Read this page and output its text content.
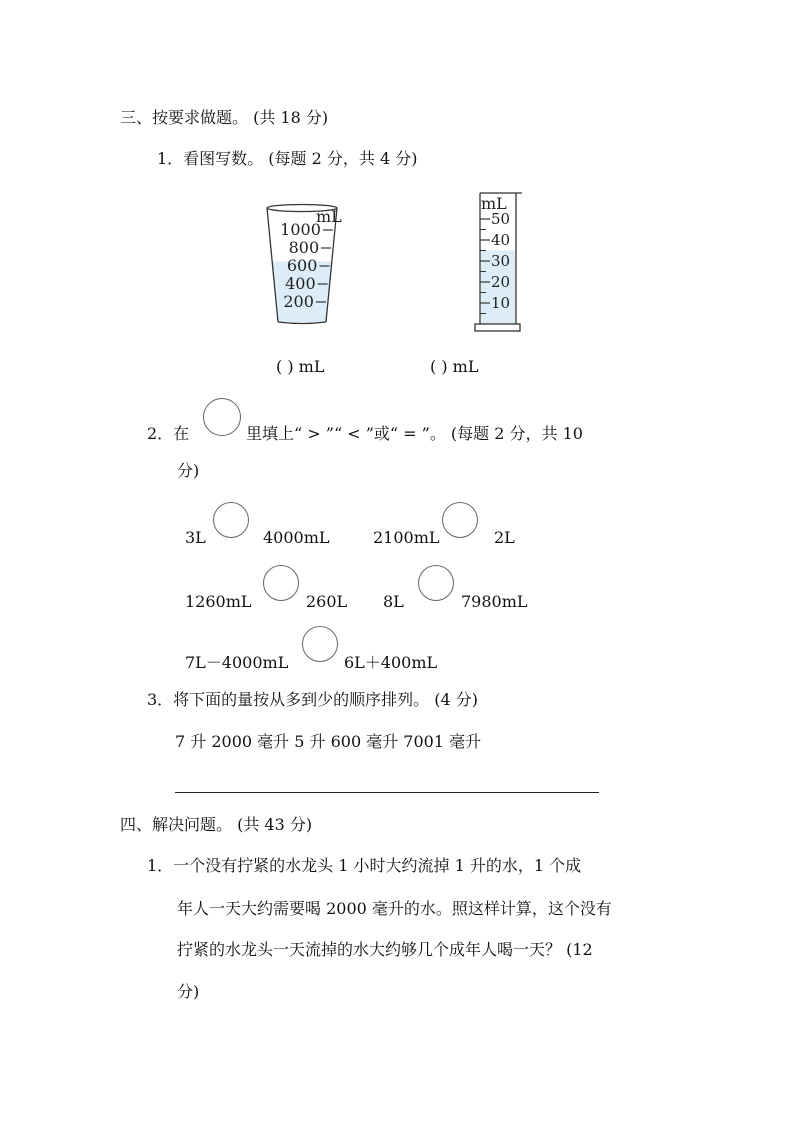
三、按要求做题。 (共 18 分)
1．看图写数。 (每题 2 分，共 4 分)
1000
800
600
400
200
mL	50
40
30
20
10
mL
( ) mL	( ) mL
2．在	里填上“ > ”“ < ”或“ = ”。 (每题 2 分，共 10
分)
3L	4000mL	2100mL	2L
1260mL	260L 8L	7980mL
7L－4000mL	6L＋400mL
3．将下面的量按从多到少的顺序排列。 (4 分)
7 升 2000 毫升 5 升 600 毫升 7001 毫升
四、解决问题。 (共 43 分)
1．一个没有拧紧的水龙头 1 小时大约流掉 1 升的水，1 个成
年人一天大约需要喝 2000 毫升的水。照这样计算，这个没有
拧紧的水龙头一天流掉的水大约够几个成年人喝一天？ (12
分)
